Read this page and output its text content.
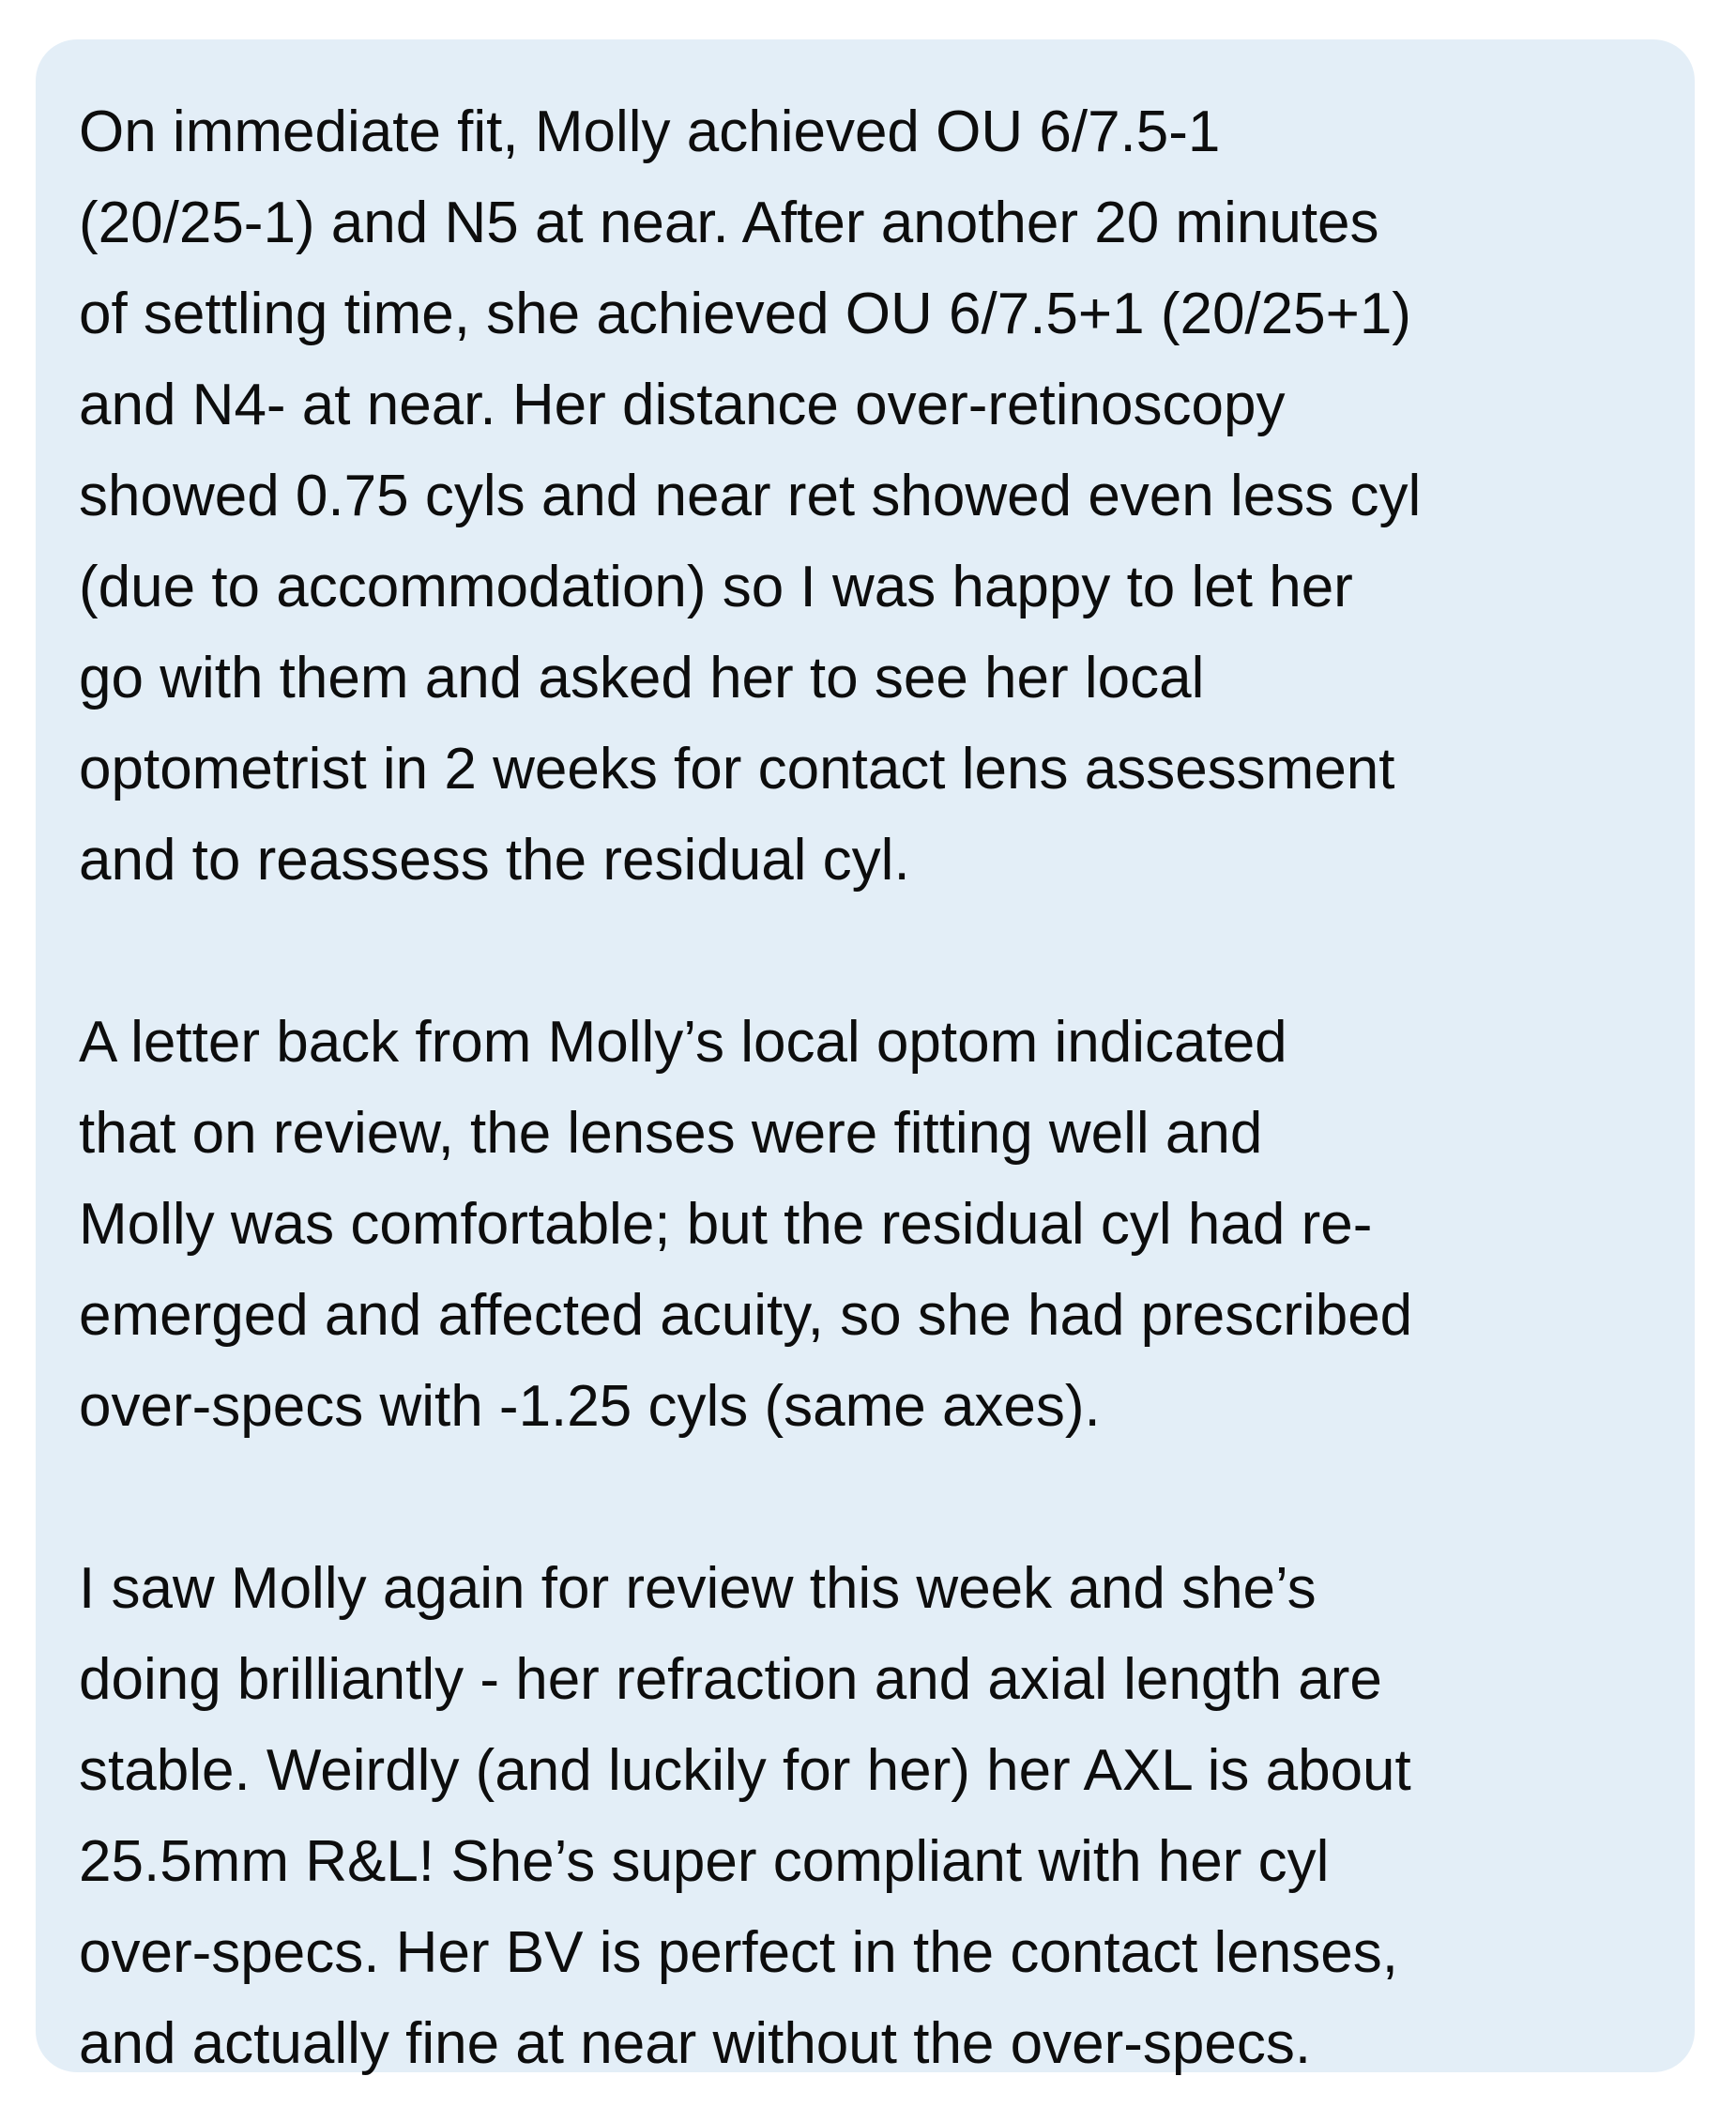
On immediate fit, Molly achieved OU 6/7.5-1
(20/25-1) and N5 at near. After another 20 minutes
of settling time, she achieved OU 6/7.5+1 (20/25+1)
and N4- at near. Her distance over-retinoscopy
showed 0.75 cyls and near ret showed even less cyl
(due to accommodation) so I was happy to let her
go with them and asked her to see her local
optometrist in 2 weeks for contact lens assessment
and to reassess the residual cyl.

A letter back from Molly’s local optom indicated
that on review, the lenses were fitting well and
Molly was comfortable; but the residual cyl had re-
emerged and affected acuity, so she had prescribed
over-specs with -1.25 cyls (same axes).

I saw Molly again for review this week and she’s
doing brilliantly - her refraction and axial length are
stable. Weirdly (and luckily for her) her AXL is about
25.5mm R&L! She’s super compliant with her cyl
over-specs. Her BV is perfect in the contact lenses,
and actually fine at near without the over-specs.
